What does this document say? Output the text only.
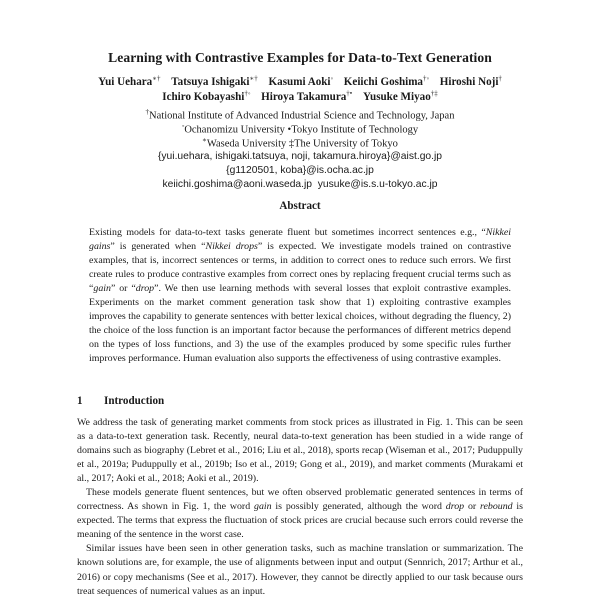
Learning with Contrastive Examples for Data-to-Text Generation
Yui Uehara∗† Tatsuya Ishigaki∗† Kasumi Aoki◦ Keiichi Goshima†◦ Hiroshi Noji†
Ichiro Kobayashi†◦ Hiroya Takamura†• Yusuke Miyao†‡
†National Institute of Advanced Industrial Science and Technology, Japan
◦Ochanomizu University •Tokyo Institute of Technology
∗Waseda University ‡The University of Tokyo
{yui.uehara, ishigaki.tatsuya, noji, takamura.hiroya}@aist.go.jp
{g1120501, koba}@is.ocha.ac.jp
keiichi.goshima@aoni.waseda.jp  yusuke@is.s.u-tokyo.ac.jp
Abstract

Existing models for data-to-text tasks generate fluent but sometimes incorrect sentences e.g., “Nikkei gains” is generated when “Nikkei drops” is expected. We investigate models trained on contrastive examples, that is, incorrect sentences or terms, in addition to correct ones to reduce such errors. We first create rules to produce contrastive examples from correct ones by replacing frequent crucial terms such as “gain” or “drop”. We then use learning methods with several losses that exploit contrastive examples. Experiments on the market comment generation task show that 1) exploiting contrastive examples improves the capability to generate sentences with better lexical choices, without degrading the fluency, 2) the choice of the loss function is an important factor because the performances of different metrics depend on the types of loss functions, and 3) the use of the examples produced by some specific rules further improves performance. Human evaluation also supports the effectiveness of using contrastive examples.

1 Introduction

We address the task of generating market comments from stock prices as illustrated in Fig. 1. This can be seen as a data-to-text generation task. Recently, neural data-to-text generation has been studied in a wide range of domains such as biography (Lebret et al., 2016; Liu et al., 2018), sports recap (Wiseman et al., 2017; Puduppully et al., 2019a; Puduppully et al., 2019b; Iso et al., 2019; Gong et al., 2019), and market comments (Murakami et al., 2017; Aoki et al., 2018; Aoki et al., 2019).

These models generate fluent sentences, but we often observed problematic generated sentences in terms of correctness. As shown in Fig. 1, the word gain is possibly generated, although the word drop or rebound is expected. The terms that express the fluctuation of stock prices are crucial because such errors could reverse the meaning of the sentence in the worst case.

Similar issues have been seen in other generation tasks, such as machine translation or summarization. The known solutions are, for example, the use of alignments between input and output (Sennrich, 2017; Arthur et al., 2016) or copy mechanisms (See et al., 2017). However, they cannot be directly applied to our task because ours treat sequences of numerical values as an input.
